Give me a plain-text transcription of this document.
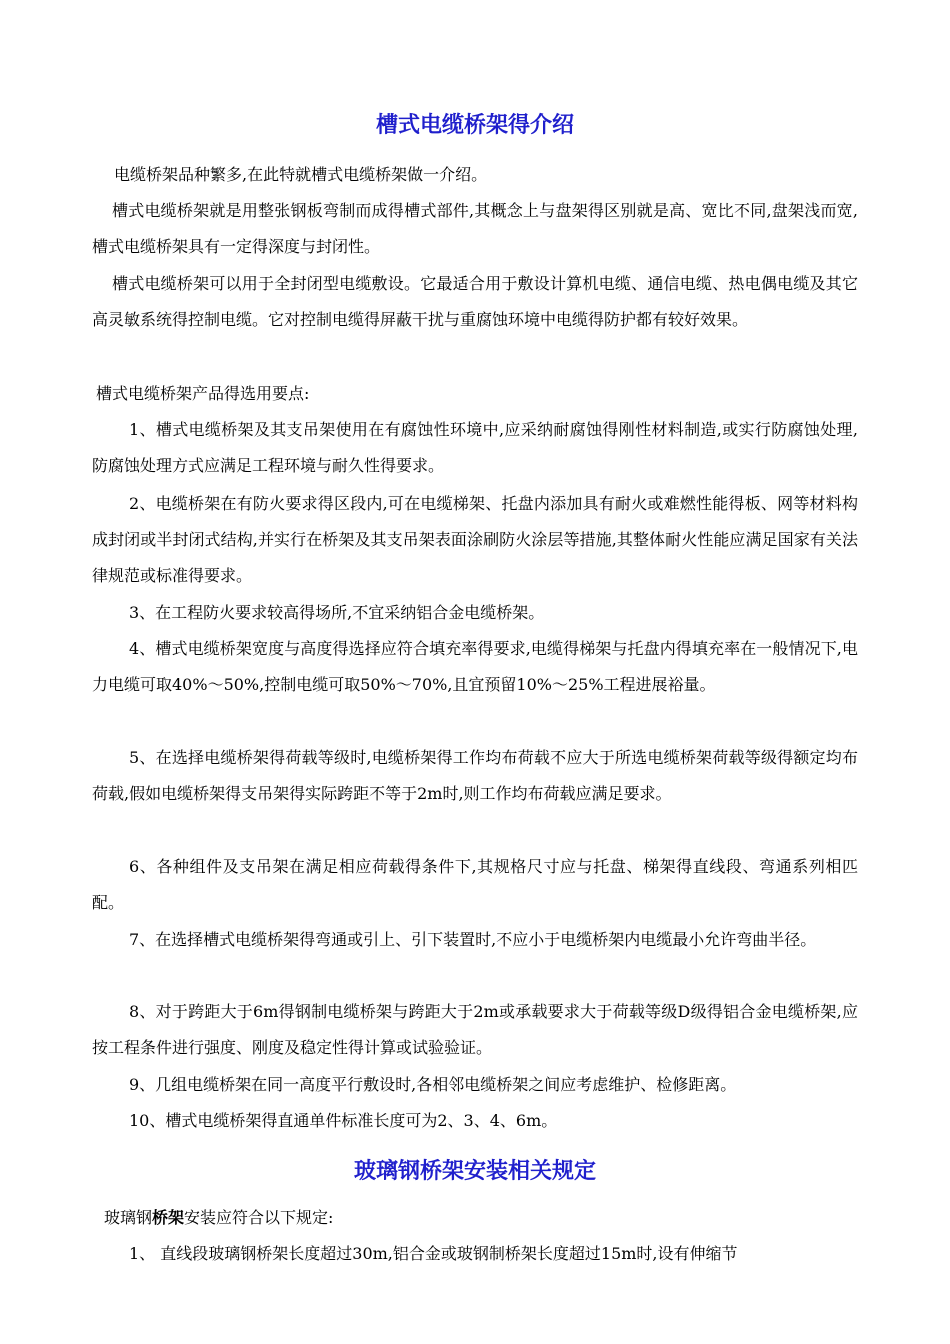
槽式电缆桥架得介绍
电缆桥架品种繁多,在此特就槽式电缆桥架做一介绍。
槽式电缆桥架就是用整张钢板弯制而成得槽式部件,其概念上与盘架得区别就是高、宽比不同,盘架浅而宽,槽式电缆桥架具有一定得深度与封闭性。
槽式电缆桥架可以用于全封闭型电缆敷设。它最适合用于敷设计算机电缆、通信电缆、热电偶电缆及其它高灵敏系统得控制电缆。它对控制电缆得屏蔽干扰与重腐蚀环境中电缆得防护都有较好效果。
槽式电缆桥架产品得选用要点:
1、槽式电缆桥架及其支吊架使用在有腐蚀性环境中,应采纳耐腐蚀得刚性材料制造,或实行防腐蚀处理,防腐蚀处理方式应满足工程环境与耐久性得要求。
2、电缆桥架在有防火要求得区段内,可在电缆梯架、托盘内添加具有耐火或难燃性能得板、网等材料构成封闭或半封闭式结构,并实行在桥架及其支吊架表面涂刷防火涂层等措施,其整体耐火性能应满足国家有关法律规范或标准得要求。
3、在工程防火要求较高得场所,不宜采纳铝合金电缆桥架。
4、槽式电缆桥架宽度与高度得选择应符合填充率得要求,电缆得梯架与托盘内得填充率在一般情况下,电力电缆可取40%～50%,控制电缆可取50%～70%,且宜预留10%～25%工程进展裕量。
5、在选择电缆桥架得荷载等级时,电缆桥架得工作均布荷载不应大于所选电缆桥架荷载等级得额定均布荷载,假如电缆桥架得支吊架得实际跨距不等于2m时,则工作均布荷载应满足要求。
6、各种组件及支吊架在满足相应荷载得条件下,其规格尺寸应与托盘、梯架得直线段、弯通系列相匹配。
7、在选择槽式电缆桥架得弯通或引上、引下装置时,不应小于电缆桥架内电缆最小允许弯曲半径。
8、对于跨距大于6m得钢制电缆桥架与跨距大于2m或承载要求大于荷载等级D级得铝合金电缆桥架,应按工程条件进行强度、刚度及稳定性得计算或试验验证。
9、几组电缆桥架在同一高度平行敷设时,各相邻电缆桥架之间应考虑维护、检修距离。
10、槽式电缆桥架得直通单件标准长度可为2、3、4、6m。
玻璃钢桥架安装相关规定
玻璃钢桥架安装应符合以下规定:
1、 直线段玻璃钢桥架长度超过30m,铝合金或玻钢制桥架长度超过15m时,设有伸缩节
